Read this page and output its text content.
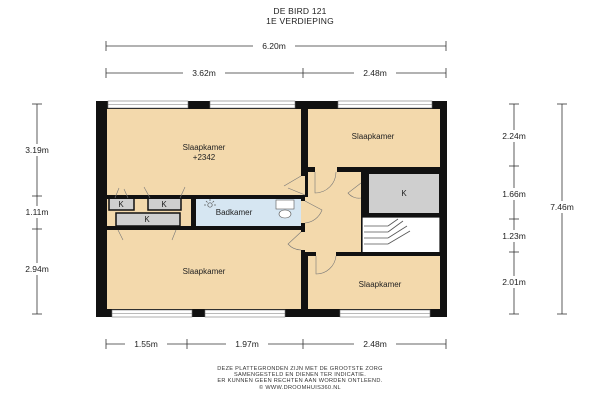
DE BIRD 121
1E VERDIEPING
6.20m
3.62m	2.48m
1.55m	1.97m	2.48m
3.19m
1.11m
2.94m
2.24m
1.66m
1.23m
2.01m
7.46m
Slaapkamer
+2342
Slaapkamer
Badkamer
Slaapkamer
Slaapkamer
K	K
K
K
DEZE PLATTEGRONDEN ZIJN MET DE GROOTSTE ZORG
SAMENGESTELD EN DIENEN TER INDICATIE.
ER KUNNEN GEEN RECHTEN AAN WORDEN ONTLEEND.
© WWW.DROOMHUIS360.NL
